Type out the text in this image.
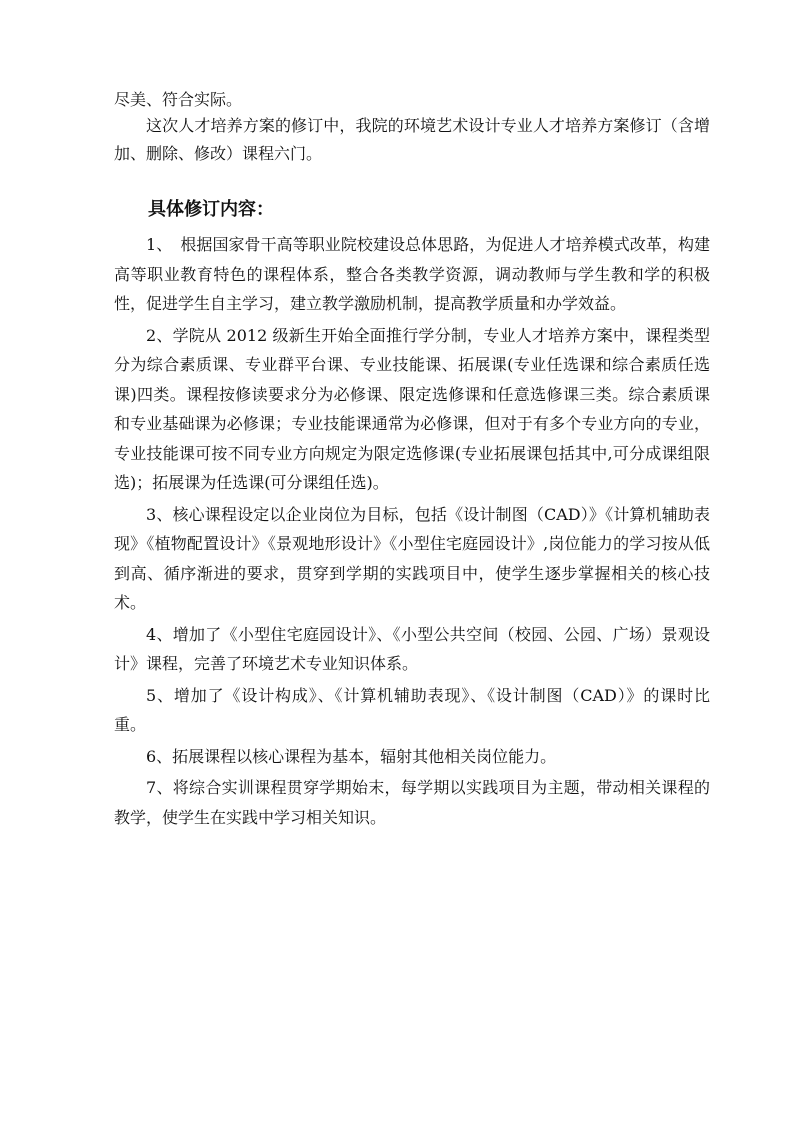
尽美、符合实际。
这次人才培养方案的修订中，我院的环境艺术设计专业人才培养方案修订（含增加、删除、修改）课程六门。
具体修订内容：

1、　根据国家骨干高等职业院校建设总体思路，为促进人才培养模式改革，构建高等职业教育特色的课程体系，整合各类教学资源，调动教师与学生教和学的积极性，促进学生自主学习，建立教学激励机制，提高教学质量和办学效益。

2、学院从 2012 级新生开始全面推行学分制，专业人才培养方案中，课程类型分为综合素质课、专业群平台课、专业技能课、拓展课(专业任选课和综合素质任选课)四类。课程按修读要求分为必修课、限定选修课和任意选修课三类。综合素质课和专业基础课为必修课；专业技能课通常为必修课，但对于有多个专业方向的专业，专业技能课可按不同专业方向规定为限定选修课(专业拓展课包括其中,可分成课组限选)；拓展课为任选课(可分课组任选)。

3、核心课程设定以企业岗位为目标，包括《设计制图（CAD）》《计算机辅助表现》《植物配置设计》《景观地形设计》《小型住宅庭园设计》,岗位能力的学习按从低到高、循序渐进的要求，贯穿到学期的实践项目中，使学生逐步掌握相关的核心技术。

4、增加了《小型住宅庭园设计》、《小型公共空间（校园、公园、广场）景观设计》课程，完善了环境艺术专业知识体系。

5、增加了《设计构成》、《计算机辅助表现》、《设计制图（CAD）》的课时比重。

6、拓展课程以核心课程为基本，辐射其他相关岗位能力。

7、将综合实训课程贯穿学期始末，每学期以实践项目为主题，带动相关课程的教学，使学生在实践中学习相关知识。
